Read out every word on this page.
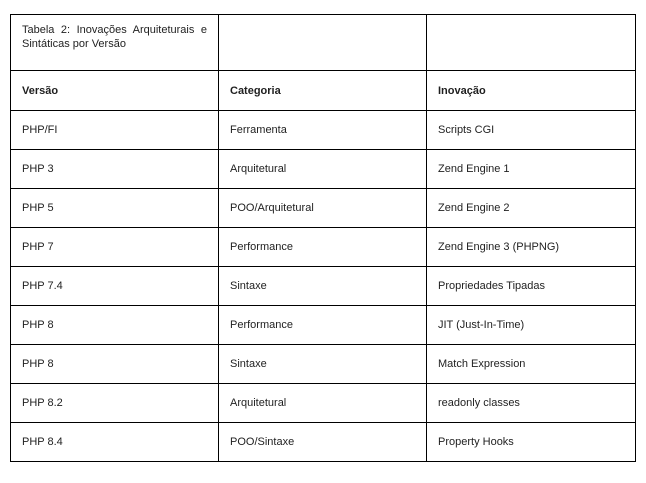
Tabela 2: Inovações Arquiteturais e Sintáticas por Versão		

Versão	Categoria	Inovação
PHP/FI	Ferramenta	Scripts CGI
PHP 3	Arquitetural	Zend Engine 1
PHP 5	POO/Arquitetural	Zend Engine 2
PHP 7	Performance	Zend Engine 3 (PHPNG)
PHP 7.4	Sintaxe	Propriedades Tipadas
PHP 8	Performance	JIT (Just-In-Time)
PHP 8	Sintaxe	Match Expression
PHP 8.2	Arquitetural	readonly classes
PHP 8.4	POO/Sintaxe	Property Hooks
